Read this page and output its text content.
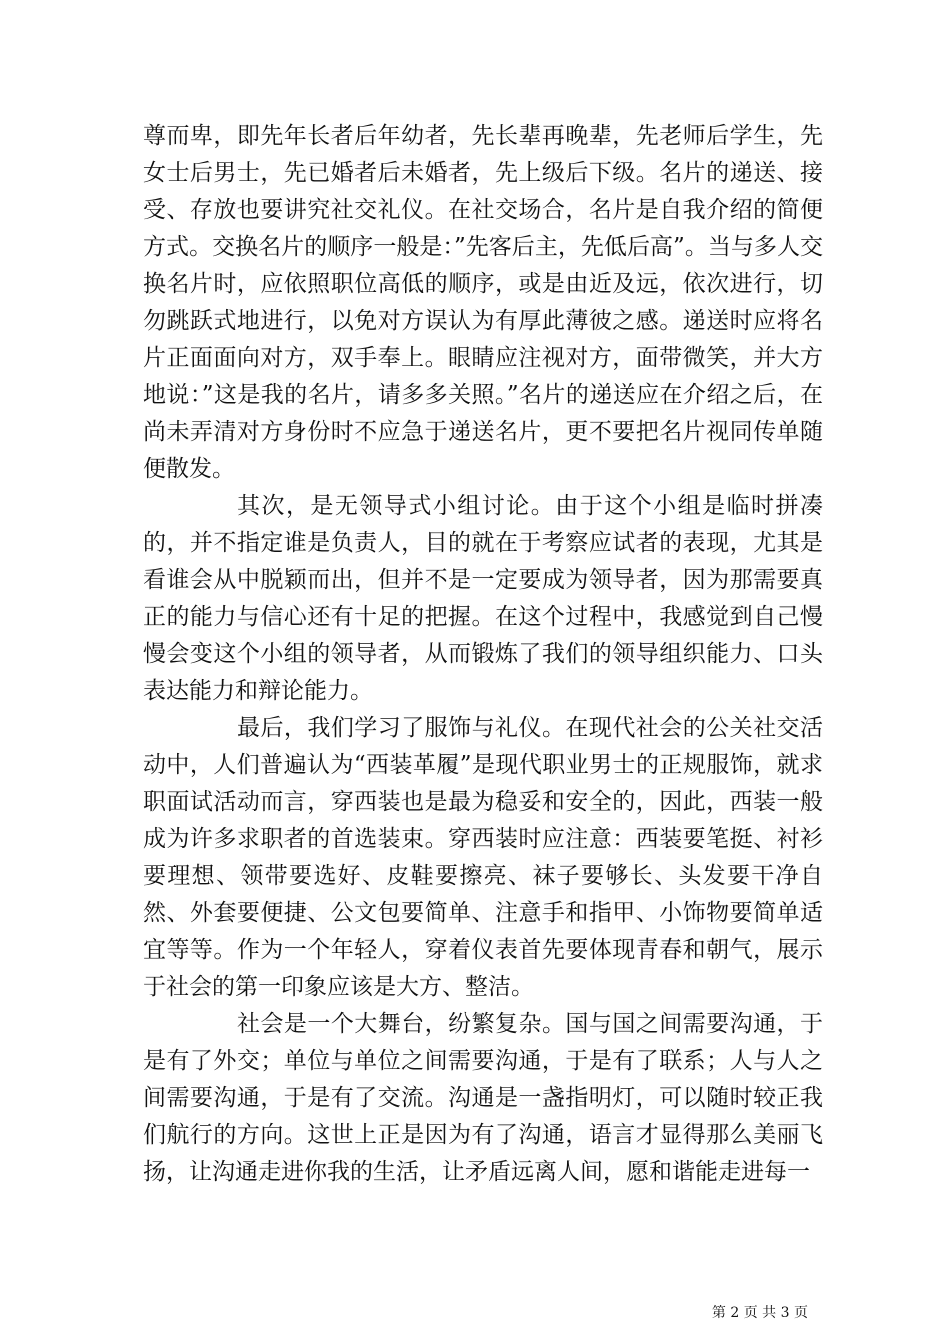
尊而卑，即先年长者后年幼者，先长辈再晚辈，先老师后学生，先女士后男士，先已婚者后未婚者，先上级后下级。名片的递送、接受、存放也要讲究社交礼仪。在社交场合，名片是自我介绍的简便方式。交换名片的顺序一般是：”先客后主，先低后高”。当与多人交换名片时，应依照职位高低的顺序，或是由近及远，依次进行，切勿跳跃式地进行，以免对方误认为有厚此薄彼之感。递送时应将名片正面面向对方，双手奉上。眼睛应注视对方，面带微笑，并大方地说：”这是我的名片，请多多关照。”名片的递送应在介绍之后，在尚未弄清对方身份时不应急于递送名片，更不要把名片视同传单随便散发。

其次，是无领导式小组讨论。由于这个小组是临时拼凑的，并不指定谁是负责人，目的就在于考察应试者的表现，尤其是看谁会从中脱颖而出，但并不是一定要成为领导者，因为那需要真正的能力与信心还有十足的把握。在这个过程中，我感觉到自己慢慢会变这个小组的领导者，从而锻炼了我们的领导组织能力、口头表达能力和辩论能力。

最后，我们学习了服饰与礼仪。在现代社会的公关社交活动中，人们普遍认为“西装革履”是现代职业男士的正规服饰，就求职面试活动而言，穿西装也是最为稳妥和安全的，因此，西装一般成为许多求职者的首选装束。穿西装时应注意：西装要笔挺、衬衫要理想、领带要选好、皮鞋要擦亮、袜子要够长、头发要干净自然、外套要便捷、公文包要简单、注意手和指甲、小饰物要简单适宜等等。作为一个年轻人，穿着仪表首先要体现青春和朝气，展示于社会的第一印象应该是大方、整洁。

社会是一个大舞台，纷繁复杂。国与国之间需要沟通，于是有了外交；单位与单位之间需要沟通，于是有了联系；人与人之间需要沟通，于是有了交流。沟通是一盏指明灯，可以随时较正我们航行的方向。这世上正是因为有了沟通，语言才显得那么美丽飞扬，让沟通走进你我的生活，让矛盾远离人间，愿和谐能走进每一

第 2 页 共 3 页
